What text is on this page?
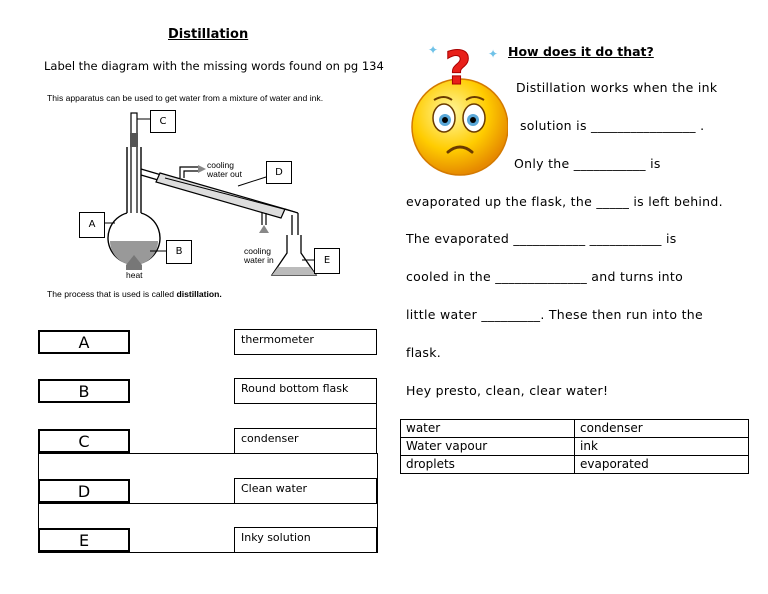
Distillation
Label the diagram with the missing words found on pg 134
This apparatus can be used to get water from a mixture of water and ink.
C
D
A
B
E
cooling
water out
cooling
water in
heat
The process that is used is called distillation.
A
B
C
D
E
thermometer
Round bottom flask
condenser
Clean water
Inky solution
✦	✦
?	How does it do that?
Distillation works when the ink
solution is ________________ .
Only the ___________ is
evaporated up the flask, the _____ is left behind.
The evaporated ___________ ___________ is
cooled in the ______________ and turns into
little water _________. These then run into the
flask.
Hey presto, clean, clear water!
water	condenser
Water vapour	ink
droplets	evaporated
